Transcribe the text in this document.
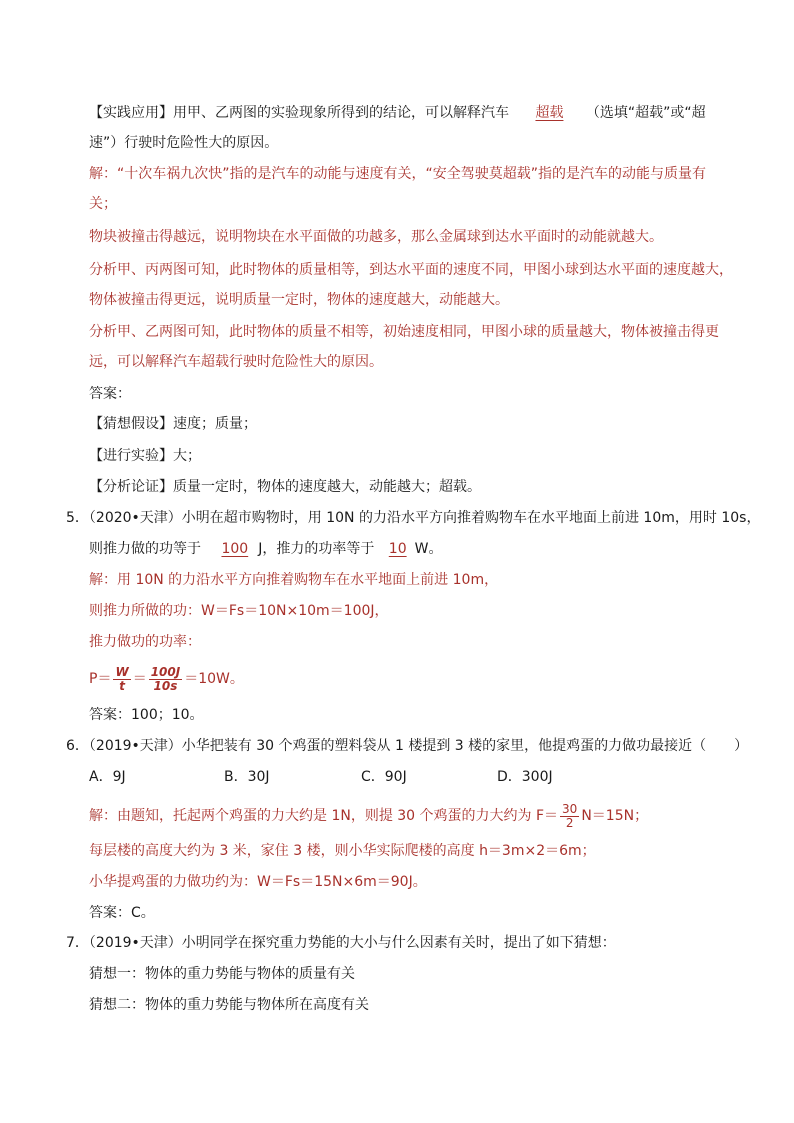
【实践应用】用甲、乙两图的实验现象所得到的结论，可以解释汽车 超载 （选填“超载”或“超
速”）行驶时危险性大的原因。
解：“十次车祸九次快”指的是汽车的动能与速度有关，“安全驾驶莫超载”指的是汽车的动能与质量有
关；
物块被撞击得越远，说明物块在水平面做的功越多，那么金属球到达水平面时的动能就越大。
分析甲、丙两图可知，此时物体的质量相等，到达水平面的速度不同，甲图小球到达水平面的速度越大，
物体被撞击得更远，说明质量一定时，物体的速度越大，动能越大。
分析甲、乙两图可知，此时物体的质量不相等，初始速度相同，甲图小球的质量越大，物体被撞击得更
远，可以解释汽车超载行驶时危险性大的原因。
答案：
【猜想假设】速度；质量；
【进行实验】大；
【分析论证】质量一定时，物体的速度越大，动能越大；超载。
5．（2020•天津）小明在超市购物时，用 10N 的力沿水平方向推着购物车在水平地面上前进 10m，用时 10s，
则推力做的功等于 100 J，推力的功率等于 10 W。
解：用 10N 的力沿水平方向推着购物车在水平地面上前进 10m，
则推力所做的功：W＝Fs＝10N×10m＝100J，
推力做功的功率：
$P= \frac{W}{t} = \frac{100J}{10s} =10W$。
答案：100；10。
6．（2019•天津）小华把装有 30 个鸡蛋的塑料袋从 1 楼提到 3 楼的家里，他提鸡蛋的力做功最接近（　　）
A．9J	B．30J	C．90J	D．300J
解：由题知，托起两个鸡蛋的力大约是 1N，则提 30 个鸡蛋的力大约为 $F= \frac{30}{2} N=15N$；
每层楼的高度大约为 3 米，家住 3 楼，则小华实际爬楼的高度 h＝3m×2＝6m；
小华提鸡蛋的力做功约为：W＝Fs＝15N×6m＝90J。
答案：C。
7．（2019•天津）小明同学在探究重力势能的大小与什么因素有关时，提出了如下猜想：
猜想一：物体的重力势能与物体的质量有关
猜想二：物体的重力势能与物体所在高度有关
